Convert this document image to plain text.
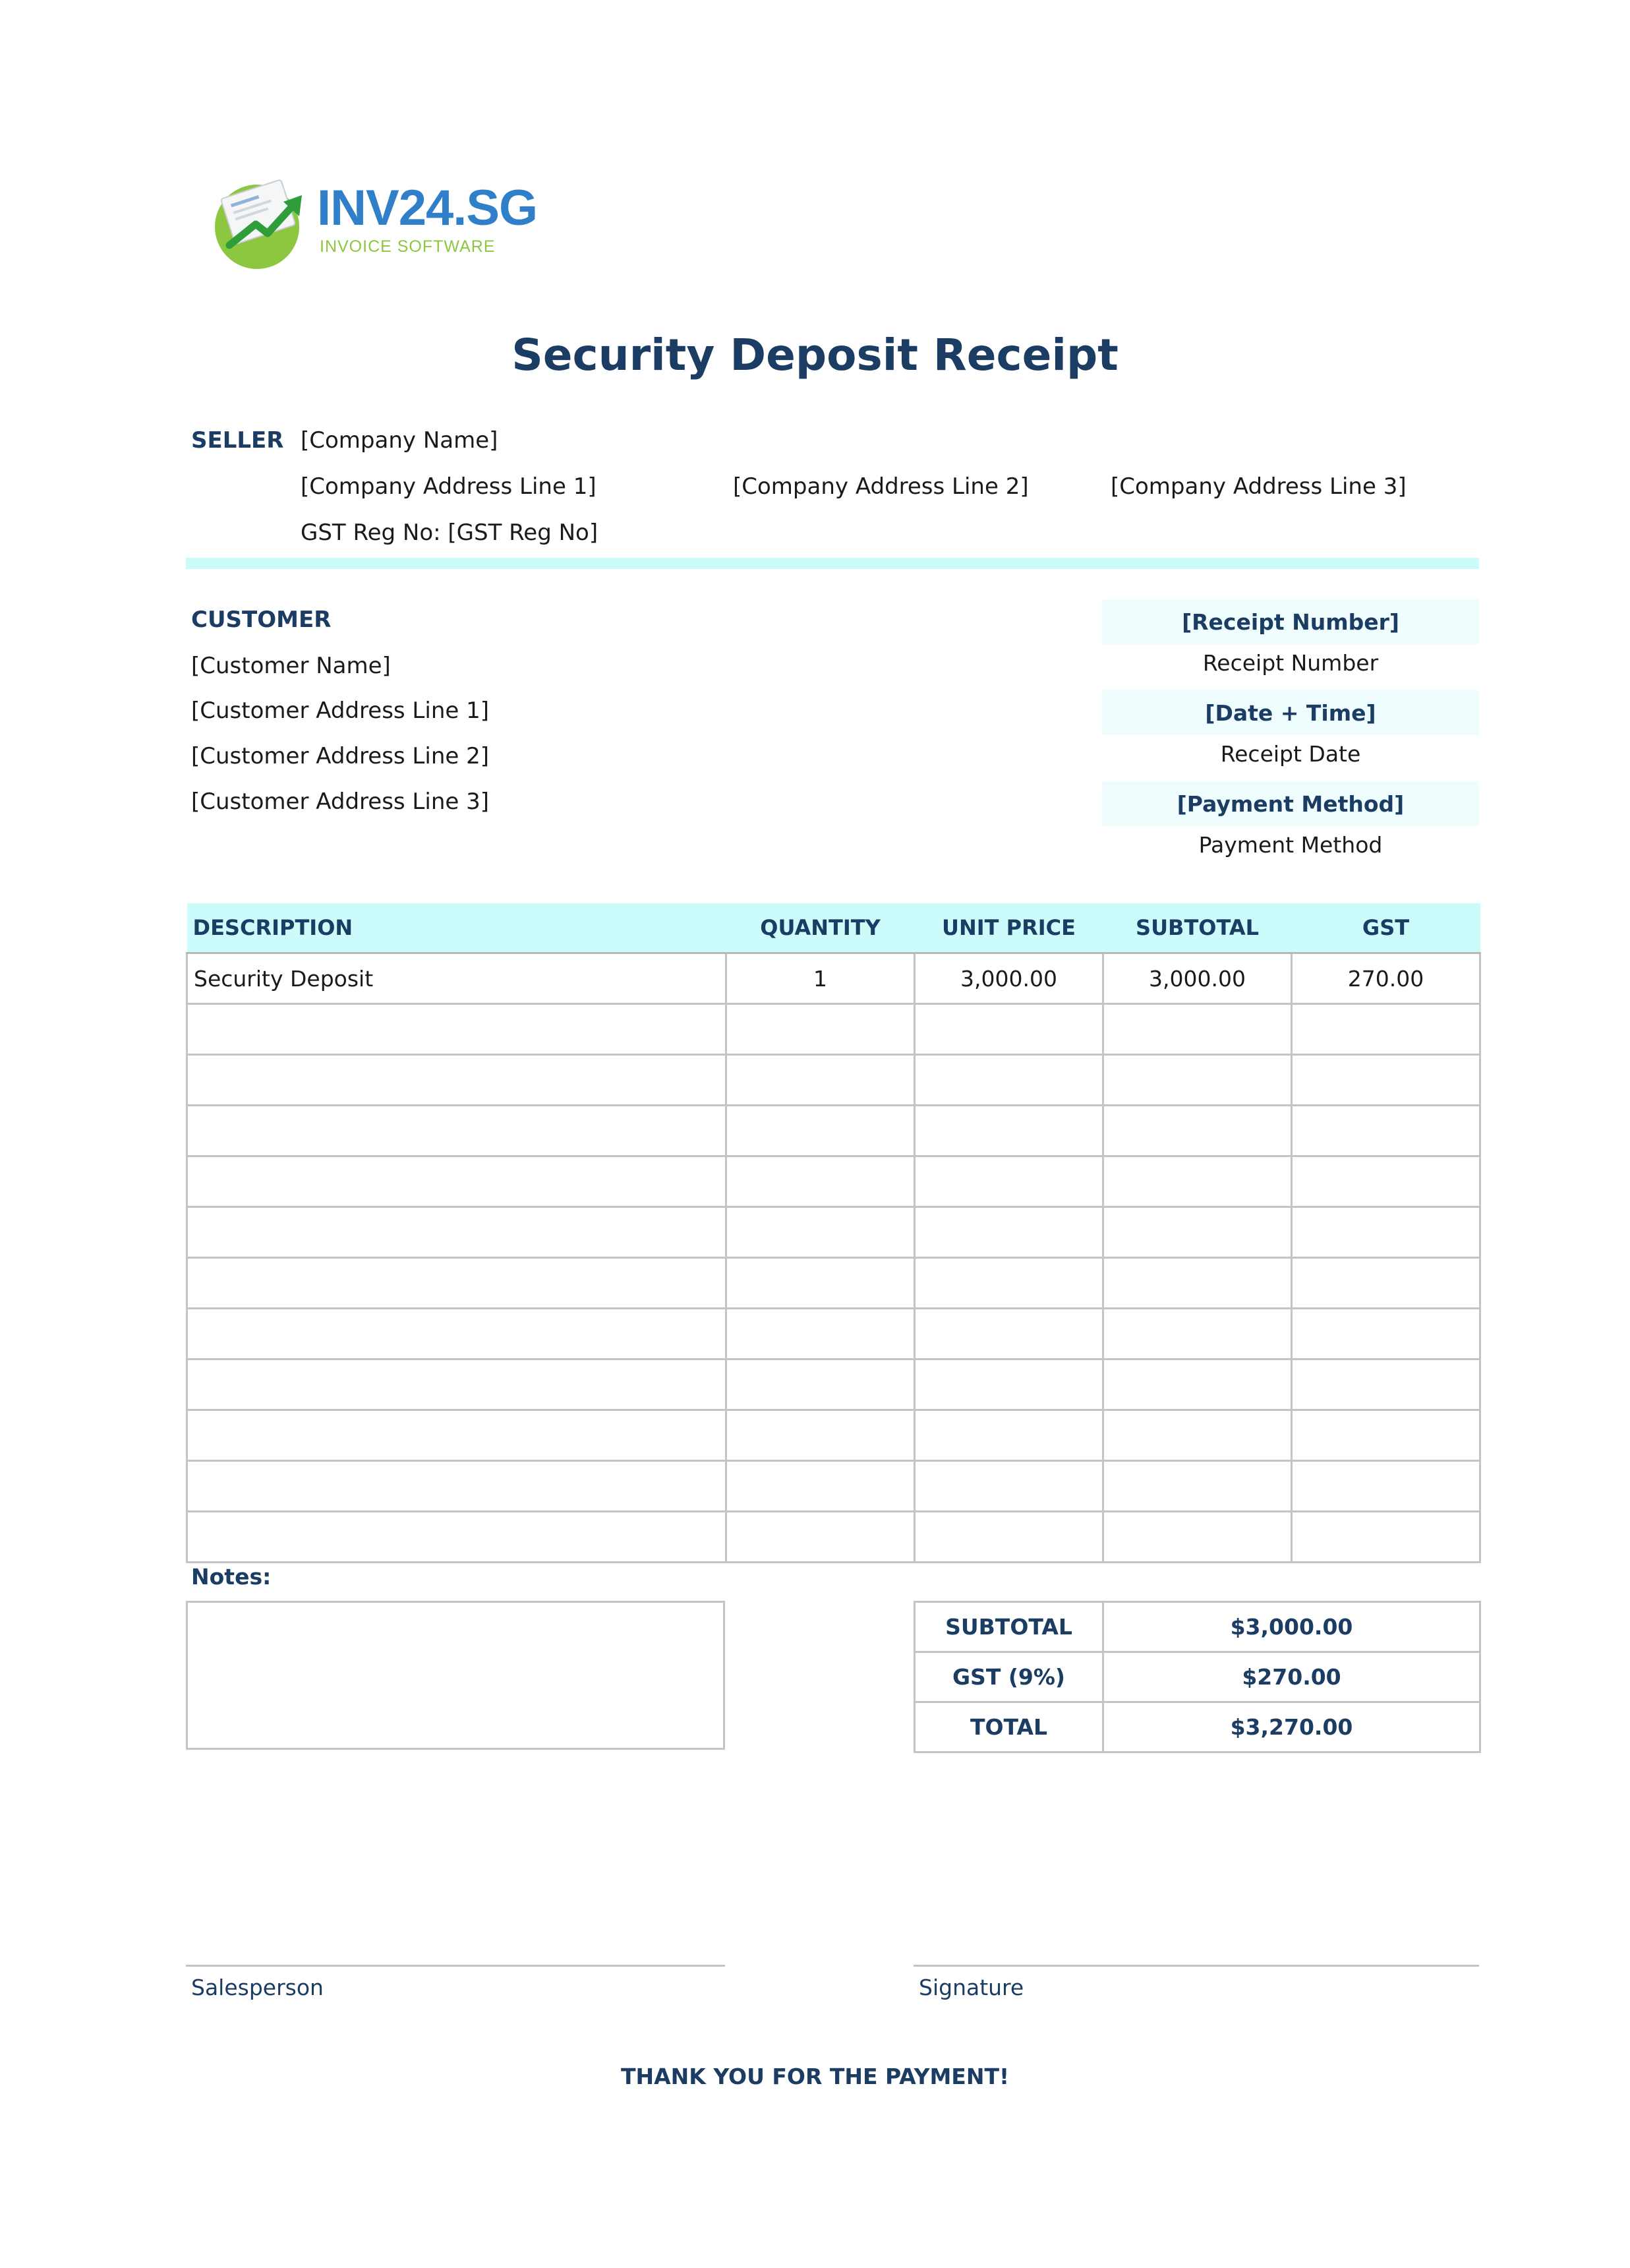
INV24.SG
INVOICE SOFTWARE
Security Deposit Receipt
SELLER [Company Name]
[Company Address Line 1]	[Company Address Line 2]	[Company Address Line 3]
GST Reg No: [GST Reg No]
CUSTOMER
[Customer Name]
[Customer Address Line 1]
[Customer Address Line 2]
[Customer Address Line 3]
[Receipt Number]
Receipt Number
[Date + Time]
Receipt Date
[Payment Method]
Payment Method
DESCRIPTION	QUANTITY	UNIT PRICE	SUBTOTAL	GST
Security Deposit	1	3,000.00	3,000.00	270.00

Notes:
SUBTOTAL	$3,000.00
GST (9%)	$270.00
TOTAL	$3,270.00
Salesperson	Signature
THANK YOU FOR THE PAYMENT!
